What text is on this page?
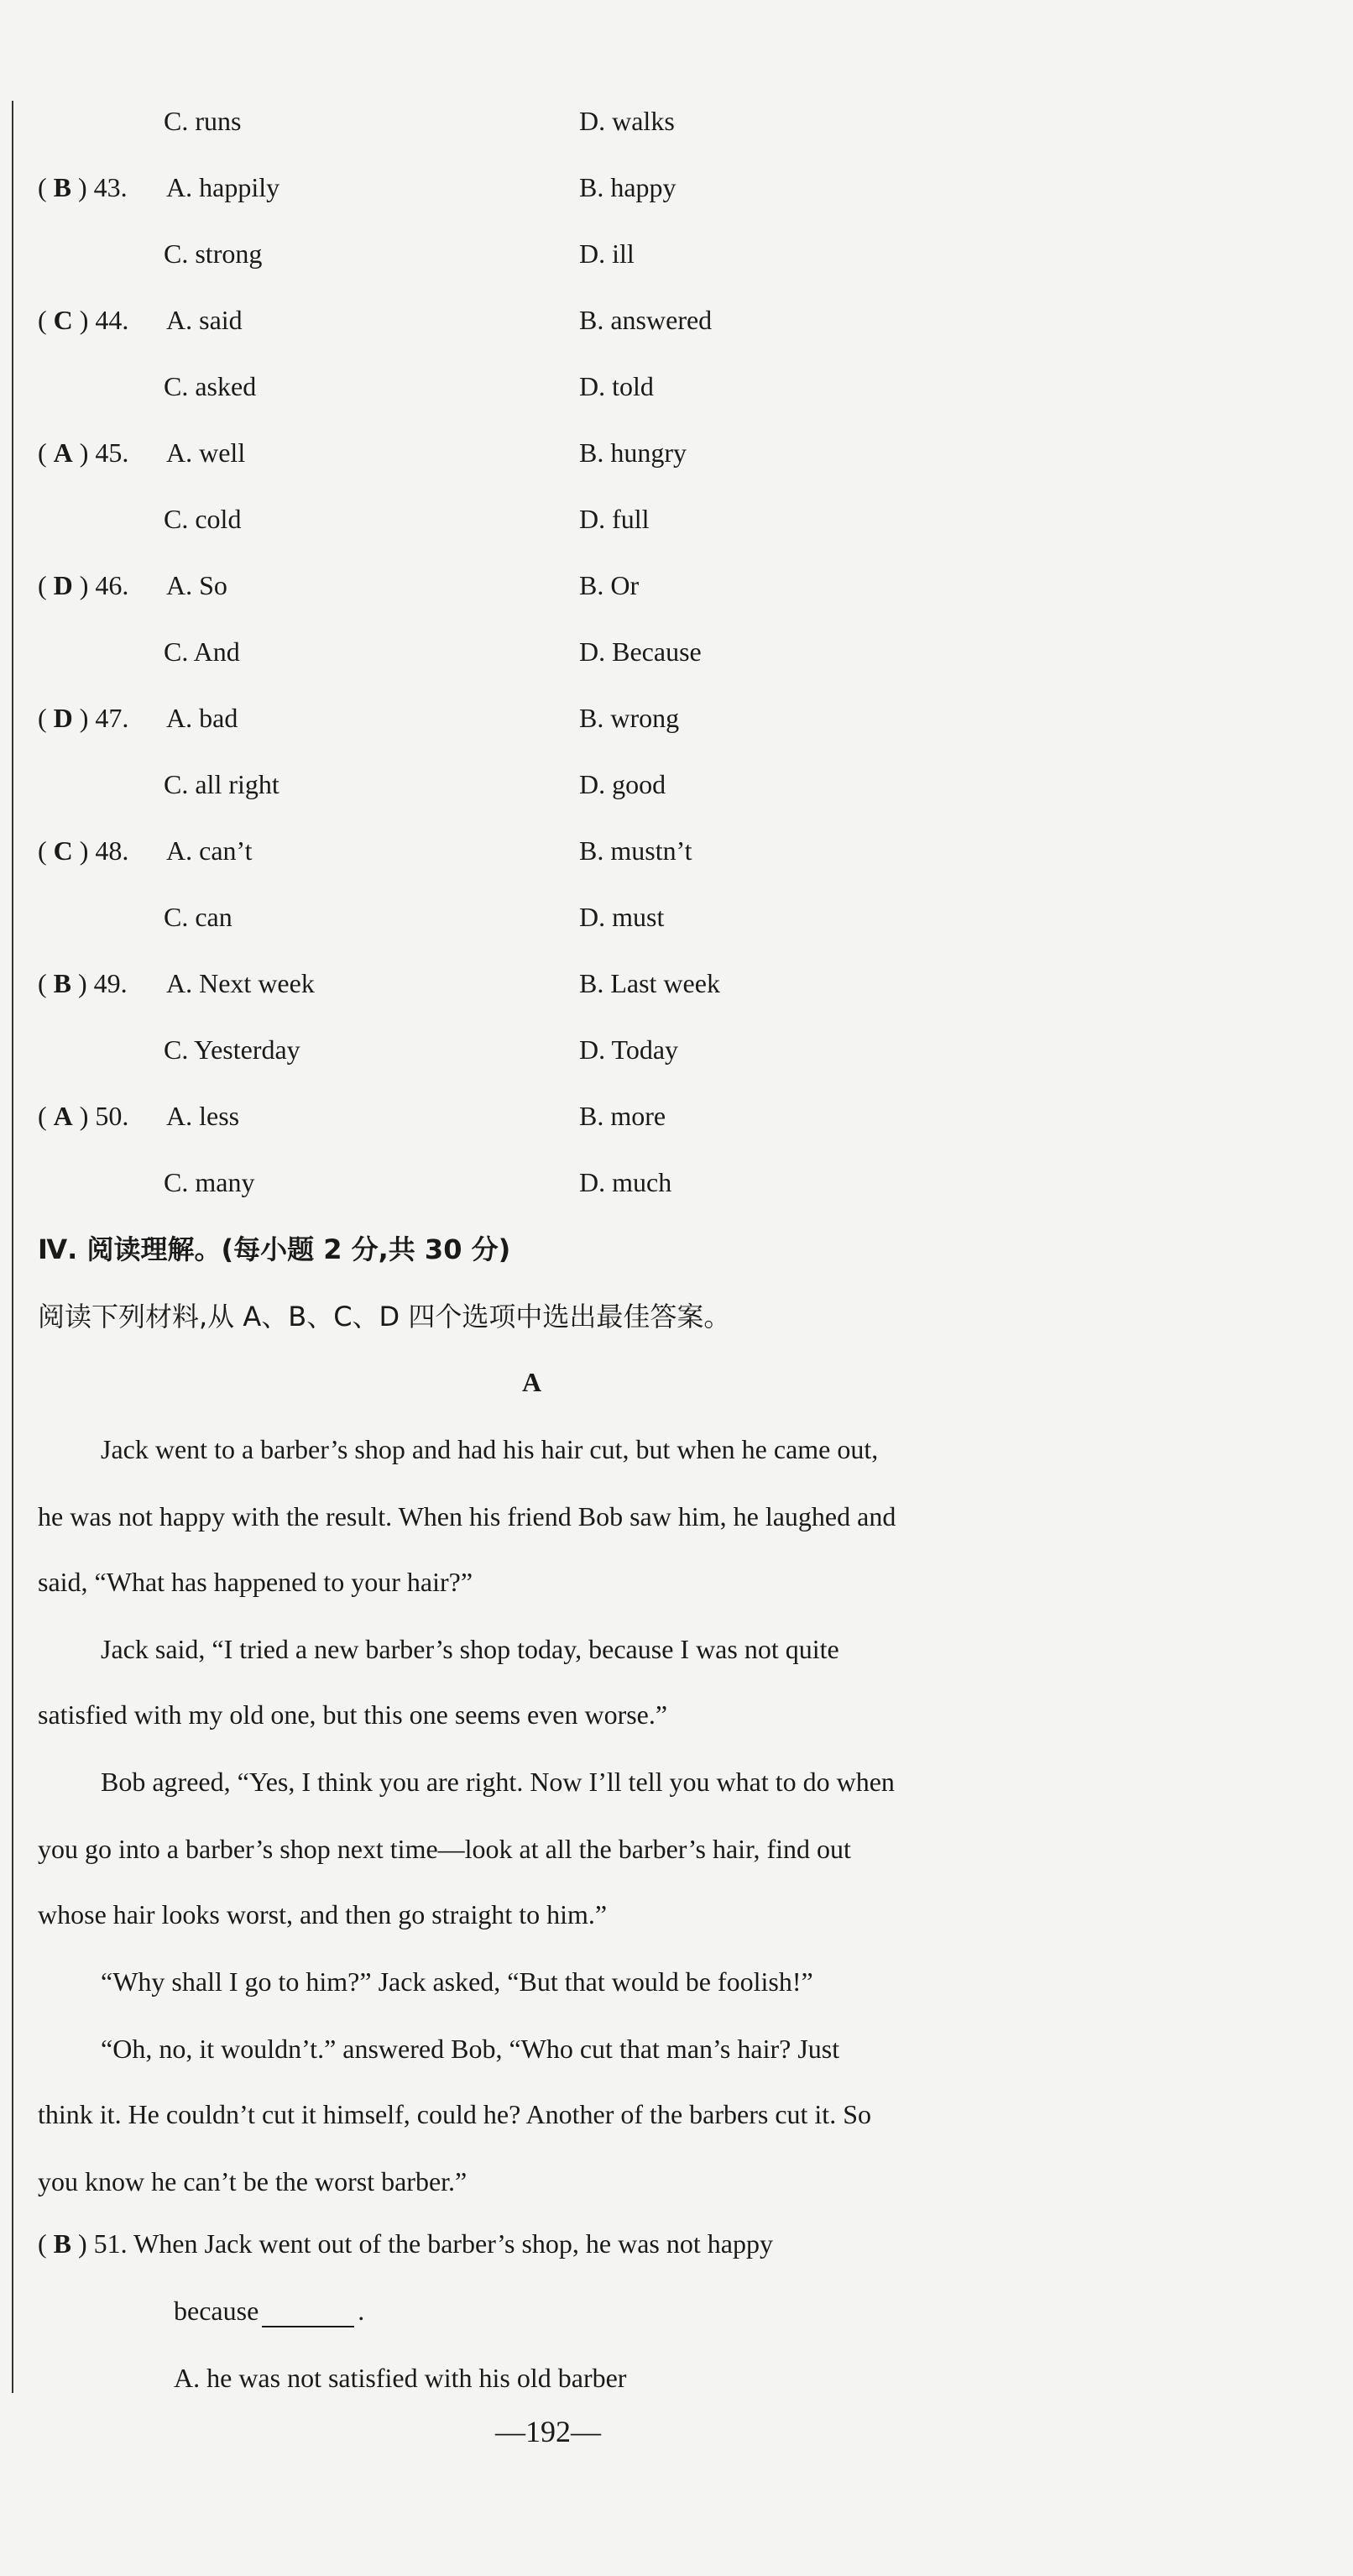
C. runs	D. walks
( B ) 43. A. happily	B. happy
C. strong	D. ill
( C ) 44. A. said	B. answered
C. asked	D. told
( A ) 45. A. well	B. hungry
C. cold	D. full
( D ) 46. A. So	B. Or
C. And	D. Because
( D ) 47. A. bad	B. wrong
C. all right	D. good
( C ) 48. A. can’t	B. mustn’t
C. can	D. must
( B ) 49. A. Next week	B. Last week
C. Yesterday	D. Today
( A ) 50. A. less	B. more
C. many	D. much
Ⅳ. 阅读理解。(每小题 2 分,共 30 分)
阅读下列材料,从 A、B、C、D 四个选项中选出最佳答案。
A
Jack went to a barber’s shop and had his hair cut, but when he came out,
he was not happy with the result. When his friend Bob saw him, he laughed and
said, “What has happened to your hair?”
Jack said, “I tried a new barber’s shop today, because I was not quite
satisfied with my old one, but this one seems even worse.”
Bob agreed, “Yes, I think you are right. Now I’ll tell you what to do when
you go into a barber’s shop next time—look at all the barber’s hair, find out
whose hair looks worst, and then go straight to him.”
“Why shall I go to him?” Jack asked, “But that would be foolish!”
“Oh, no, it wouldn’t.” answered Bob, “Who cut that man’s hair? Just
think it. He couldn’t cut it himself, could he? Another of the barbers cut it. So
you know he can’t be the worst barber.”
( B ) 51. When Jack went out of the barber’s shop, he was not happy
because	.
A. he was not satisfied with his old barber
—192—
